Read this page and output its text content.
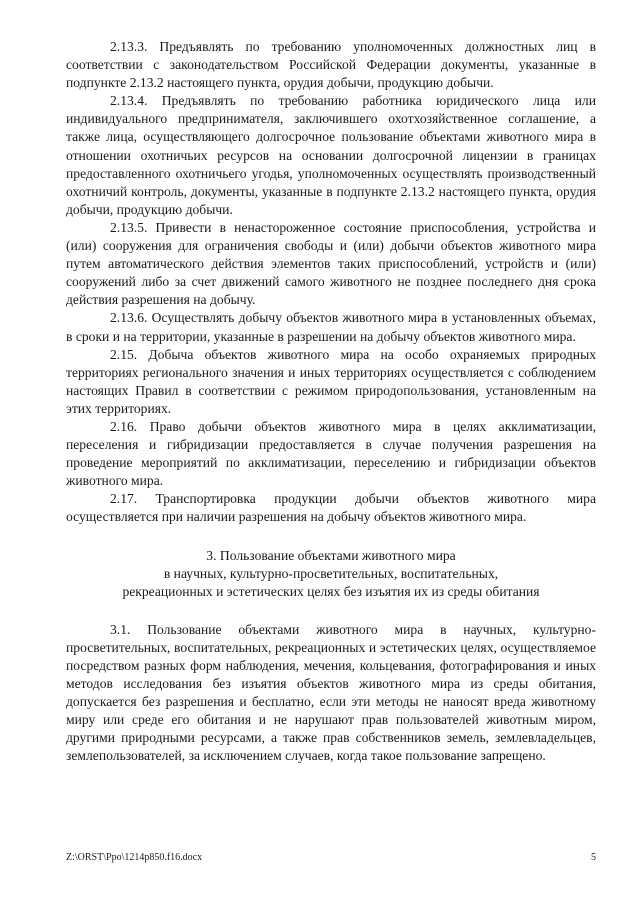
2.13.3. Предъявлять по требованию уполномоченных должностных лиц в соответствии с законодательством Российской Федерации документы, указанные в подпункте 2.13.2 настоящего пункта, орудия добычи, продукцию добычи.

2.13.4. Предъявлять по требованию работника юридического лица или индивидуального предпринимателя, заключившего охотхозяйственное соглашение, а также лица, осуществляющего долгосрочное пользование объектами животного мира в отношении охотничьих ресурсов на основании долгосрочной лицензии в границах предоставленного охотничьего угодья, уполномоченных осуществлять производственный охотничий контроль, документы, указанные в подпункте 2.13.2 настоящего пункта, орудия добычи, продукцию добычи.

2.13.5. Привести в ненастороженное состояние приспособления, устройства и (или) сооружения для ограничения свободы и (или) добычи объектов животного мира путем автоматического действия элементов таких приспособлений, устройств и (или) сооружений либо за счет движений самого животного не позднее последнего дня срока действия разрешения на добычу.

2.13.6. Осуществлять добычу объектов животного мира в установленных объемах, в сроки и на территории, указанные в разрешении на добычу объектов животного мира.

2.15. Добыча объектов животного мира на особо охраняемых природных территориях регионального значения и иных территориях осуществляется с соблюдением настоящих Правил в соответствии с режимом природопользования, установленным на этих территориях.

2.16. Право добычи объектов животного мира в целях акклиматизации, переселения и гибридизации предоставляется в случае получения разрешения на проведение мероприятий по акклиматизации, переселению и гибридизации объектов животного мира.

2.17. Транспортировка продукции добычи объектов животного мира осуществляется при наличии разрешения на добычу объектов животного мира.

3. Пользование объектами животного мира

в научных, культурно-просветительных, воспитательных,

рекреационных и эстетических целях без изъятия их из среды обитания

3.1. Пользование объектами животного мира в научных, культурно-просветительных, воспитательных, рекреационных и эстетических целях, осуществляемое посредством разных форм наблюдения, мечения, кольцевания, фотографирования и иных методов исследования без изъятия объектов животного мира из среды обитания, допускается без разрешения и бесплатно, если эти методы не наносят вреда животному миру или среде его обитания и не нарушают прав пользователей животным миром, другими природными ресурсами, а также прав собственников земель, землевладельцев, землепользователей, за исключением случаев, когда такое пользование запрещено.

Z:\ORST\Ppo\1214p850.f16.docx	5
